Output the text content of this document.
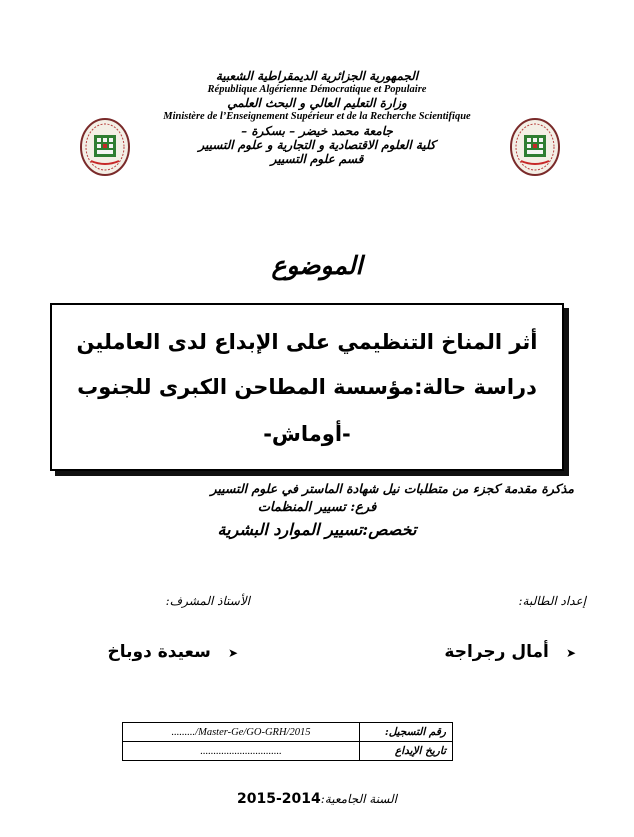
الجمهورية الجزائرية الديمقراطية الشعبية
République Algérienne Démocratique et Populaire
وزارة التعليم العالي و البحث العلمي
Ministère de l’Enseignement Supérieur et de la Recherche Scientifique
جامعة محمد خيضر – بسكرة –
كلية العلوم الاقتصادية و التجارية و علوم التسيير
قسم علوم التسيير
الموضوع
أثر المناخ التنظيمي على الإبداع لدى العاملين
دراسة حالة:مؤسسة المطاحن الكبرى للجنوب
-أوماش-
مذكرة مقدمة كجزء من متطلبات نيل شهادة الماستر في علوم التسيير
فرع: تسيير المنظمات
تخصص:تسيير الموارد البشرية
إعداد الطالبة:
الأستاذ المشرف:
➤ أمال رجراجة
➤ سعيدة دوباخ
........./Master-Ge/GO-GRH/2015	رقم التسجيل:
...............................	تاريخ الإيداع
السنة الجامعية:2014-2015
